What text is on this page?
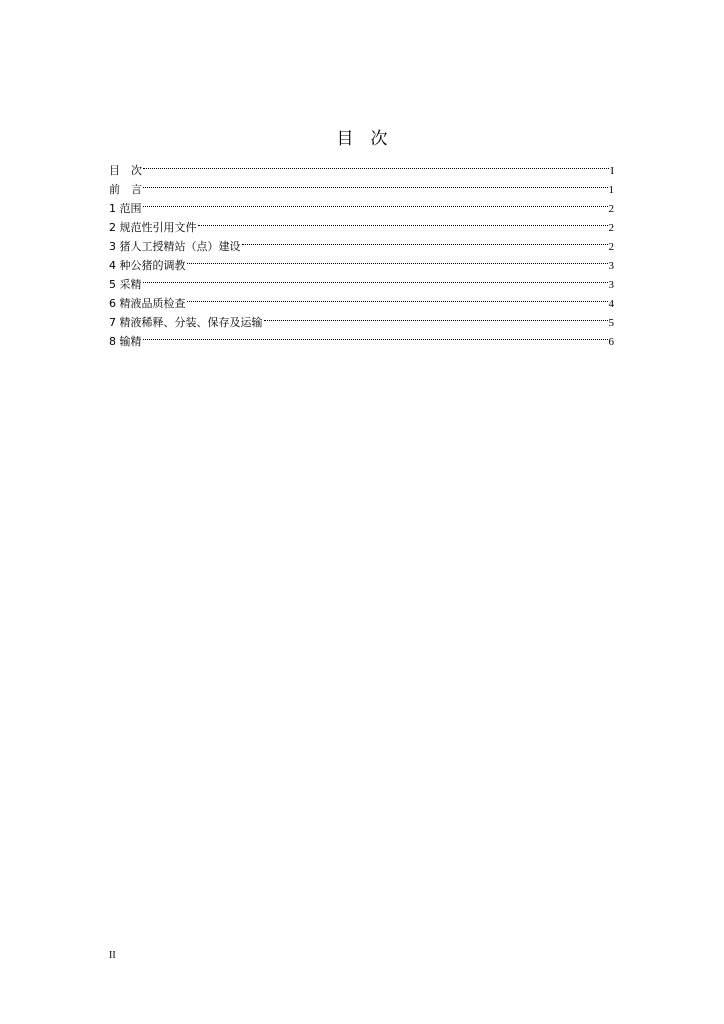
目　次
目　次	I
前　言	1
1 范围	2
2 规范性引用文件	2
3 猪人工授精站（点）建设	2
4 种公猪的调教	3
5 采精	3
6 精液品质检查	4
7 精液稀释、分装、保存及运输	5
8 输精	6
II
